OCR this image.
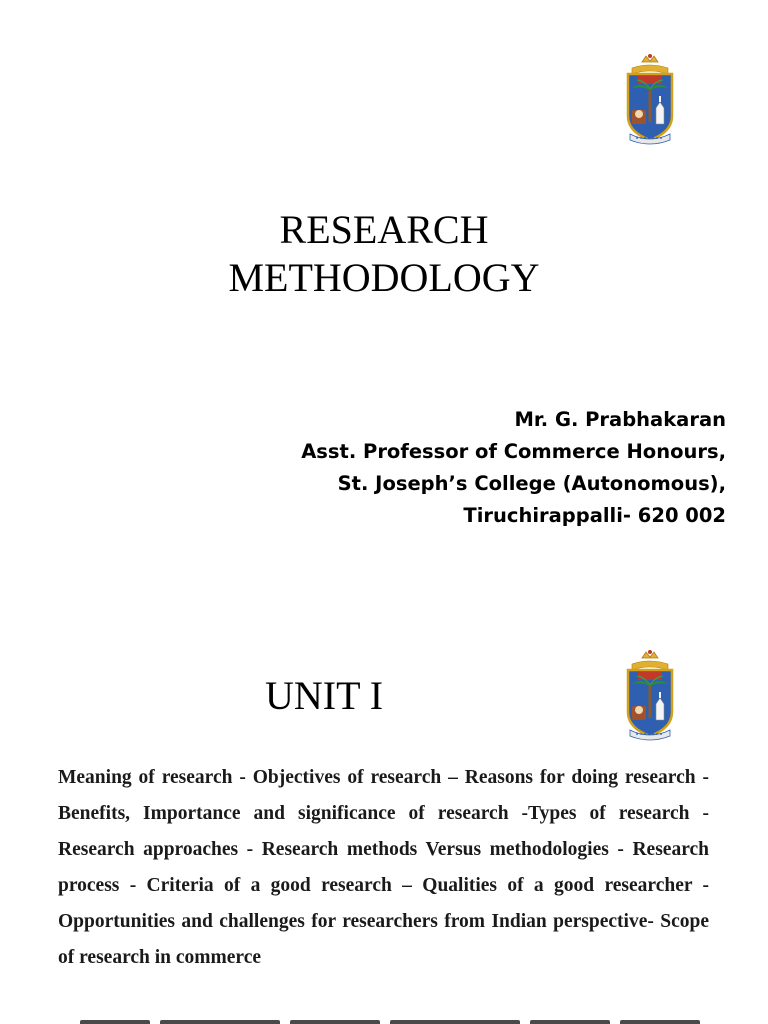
RESEARCH
METHODOLOGY
Mr. G. Prabhakaran
Asst. Professor of Commerce Honours,
St. Joseph’s College (Autonomous),
Tiruchirappalli- 620 002
UNIT I

Meaning of research - Objectives of research – Reasons for doing research - Benefits, Importance and significance of research -Types of research - Research approaches - Research methods Versus methodologies - Research process - Criteria of a good research – Qualities of a good researcher - Opportunities and challenges for researchers from Indian perspective- Scope of research in commerce
